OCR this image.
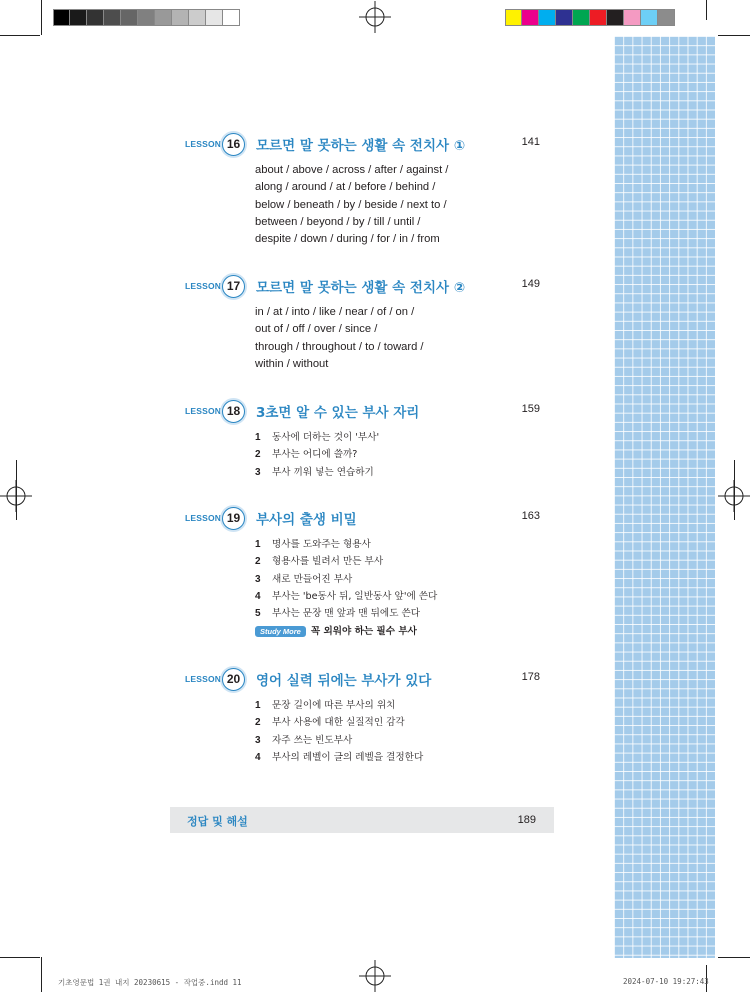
LESSON 16	모르면 말 못하는 생활 속 전치사 ①	141
about / above / across / after / against /
along / around / at / before / behind /
below / beneath / by / beside / next to /
between / beyond / by / till / until /
despite / down / during / for / in / from
LESSON 17	모르면 말 못하는 생활 속 전치사 ②	149
in / at / into / like / near / of / on /
out of / off / over / since /
through / throughout / to / toward /
within / without
LESSON 18	3초면 알 수 있는 부사 자리	159
1 동사에 더하는 것이 '부사'
2 부사는 어디에 쓸까?
3 부사 끼워 넣는 연습하기
LESSON 19	부사의 출생 비밀	163
1 명사를 도와주는 형용사
2 형용사를 빌려서 만든 부사
3 새로 만들어진 부사
4 부사는 'be동사 뒤, 일반동사 앞'에 쓴다
5 부사는 문장 맨 앞과 맨 뒤에도 쓴다
Study More 꼭 외워야 하는 필수 부사
LESSON 20	영어 실력 뒤에는 부사가 있다	178
1 문장 길이에 따른 부사의 위치
2 부사 사용에 대한 실질적인 감각
3 자주 쓰는 빈도부사
4 부사의 레벨이 글의 레벨을 결정한다
정답 및 해설	189
기초영문법 1권 내지 20230615 - 작업중.indd 11	2024-07-10 19:27:43
